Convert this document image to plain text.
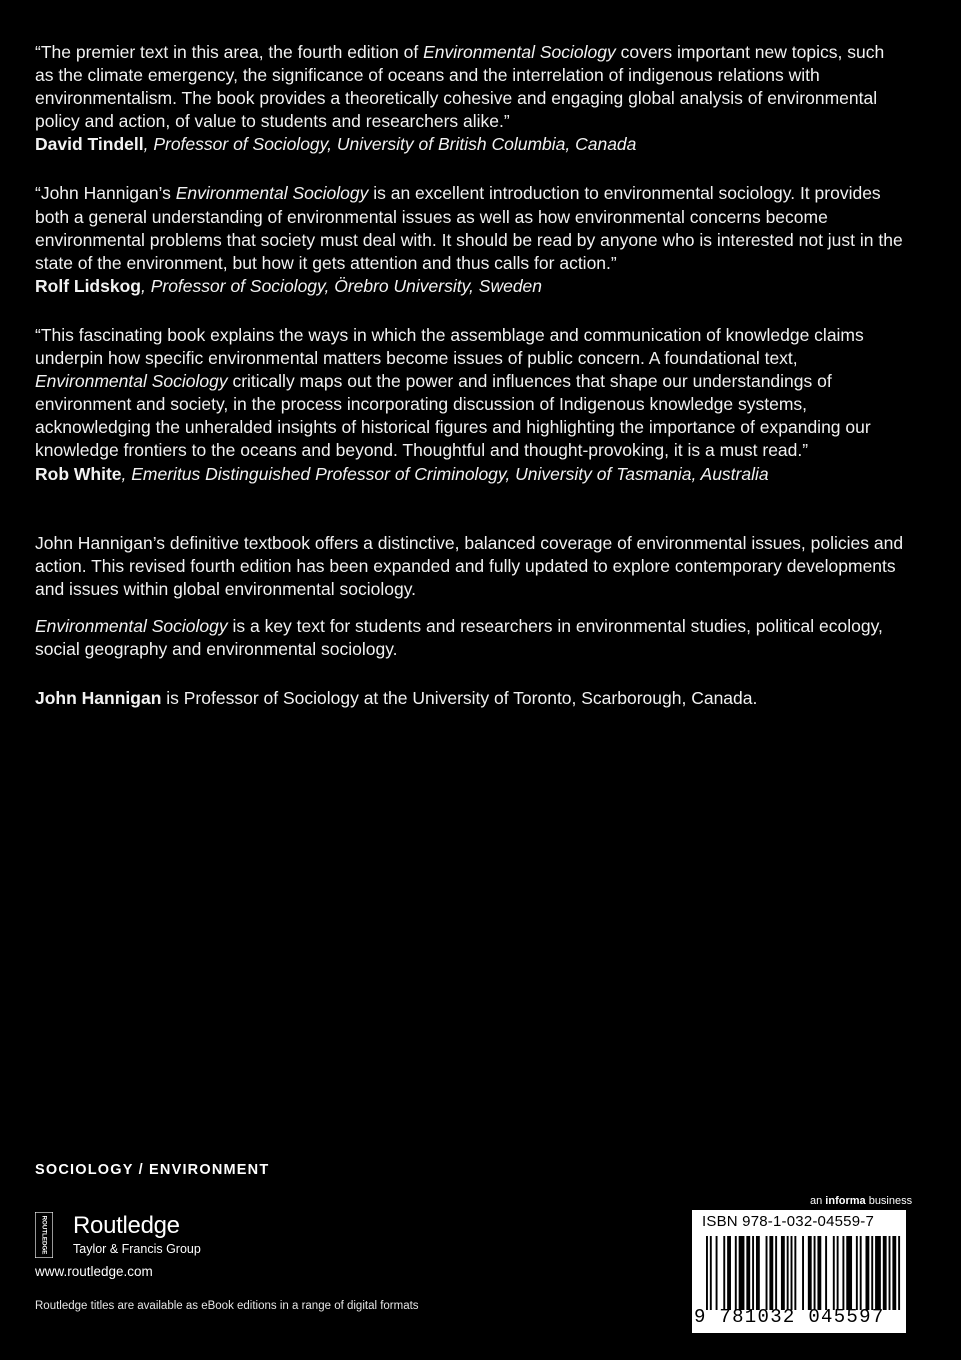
“The premier text in this area, the fourth edition of Environmental Sociology covers important new topics, such as the climate emergency, the significance of oceans and the interrelation of indigenous relations with environmentalism. The book provides a theoretically cohesive and engaging global analysis of environmental policy and action, of value to students and researchers alike.”
David Tindell, Professor of Sociology, University of British Columbia, Canada

“John Hannigan’s Environmental Sociology is an excellent introduction to environmental sociology. It provides both a general understanding of environmental issues as well as how environmental concerns become environmental problems that society must deal with. It should be read by anyone who is interested not just in the state of the environment, but how it gets attention and thus calls for action.”
Rolf Lidskog, Professor of Sociology, Örebro University, Sweden

“This fascinating book explains the ways in which the assemblage and communication of knowledge claims underpin how specific environmental matters become issues of public concern. A foundational text, Environmental Sociology critically maps out the power and influences that shape our understandings of environment and society, in the process incorporating discussion of Indigenous knowledge systems, acknowledging the unheralded insights of historical figures and highlighting the importance of expanding our knowledge frontiers to the oceans and beyond. Thoughtful and thought-provoking, it is a must read.”
Rob White, Emeritus Distinguished Professor of Criminology, University of Tasmania, Australia

John Hannigan’s definitive textbook offers a distinctive, balanced coverage of environmental issues, policies and action. This revised fourth edition has been expanded and fully updated to explore contemporary developments and issues within global environmental sociology.

Environmental Sociology is a key text for students and researchers in environmental studies, political ecology, social geography and environmental sociology.

John Hannigan is Professor of Sociology at the University of Toronto, Scarborough, Canada.

SOCIOLOGY / ENVIRONMENT
ROUTLEDGE Routledge
Taylor & Francis Group
www.routledge.com
Routledge titles are available as eBook editions in a range of digital formats
an informa business
ISBN 978-1-032-04559-7
9 781032 045597
